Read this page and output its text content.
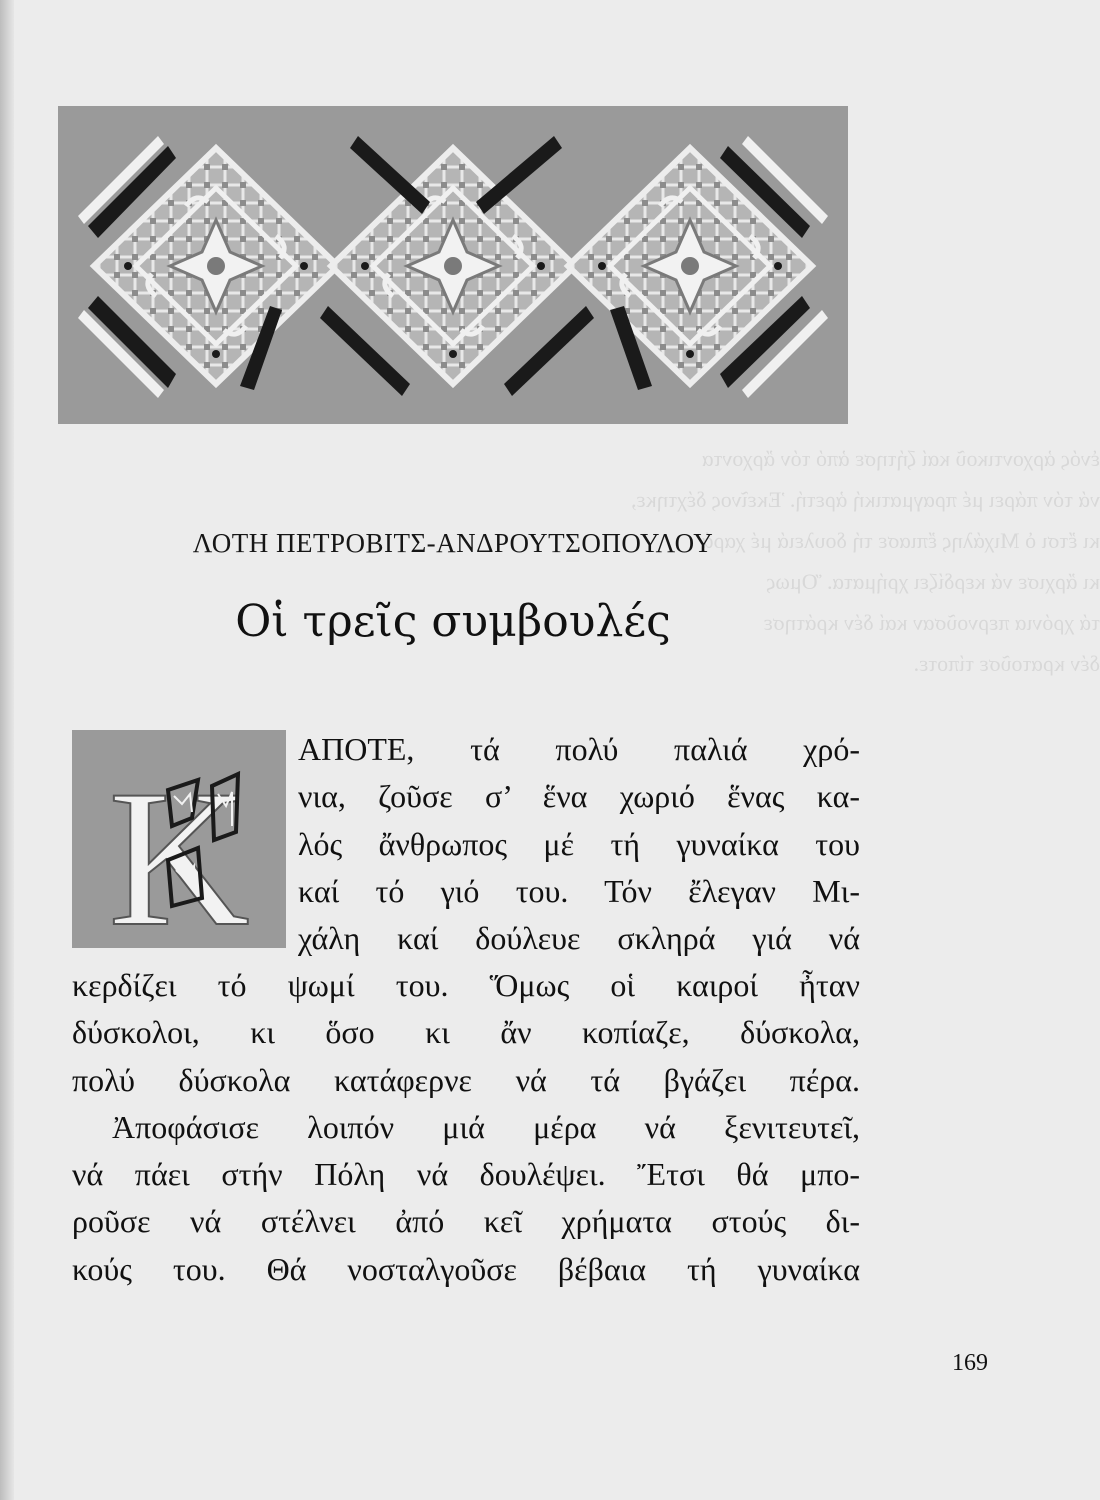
ἑνός ἀρχοντικοῦ καί ζήτησε ἀπό τόν ἄρχοντα
νά τόν πάρει μέ πραγματική ἀρετή. Ἐκεῖνος δέχτηκε,
κι ἔτσι ὁ Μιχάλης ἔπιασε τή δουλειά μέ χαρά
κι ἄρχισε νά κερδίζει χρήματα. Ὅμως
τά χρόνια περνοῦσαν καί δέν κράτησε
δέν κρατοῦσε τίποτε.
ΛΟΤΗ ΠΕΤΡΟΒΙΤΣ-ΑΝΔΡΟΥΤΣΟΠΟΥΛΟΥ
Οἱ τρεῖς συμβουλές
K
ΑΠΟΤΕ, τά πολύ παλιά χρό-
νια, ζοῦσε σ’ ἕνα χωριό ἕνας κα-
λός ἄνθρωπος μέ τή γυναίκα του
καί τό γιό του. Τόν ἔλεγαν Μι-
χάλη καί δούλευε σκληρά γιά νά
κερδίζει τό ψωμί του. Ὅμως οἱ καιροί ἦταν
δύσκολοι, κι ὅσο κι ἄν κοπίαζε, δύσκολα,
πολύ δύσκολα κατάφερνε νά τά βγάζει πέρα.
Ἀποφάσισε λοιπόν μιά μέρα νά ξενιτευτεῖ,
νά πάει στήν Πόλη νά δουλέψει. Ἔτσι θά μπο-
ροῦσε νά στέλνει ἀπό κεῖ χρήματα στούς δι-
κούς του. Θά νοσταλγοῦσε βέβαια τή γυναίκα
169
